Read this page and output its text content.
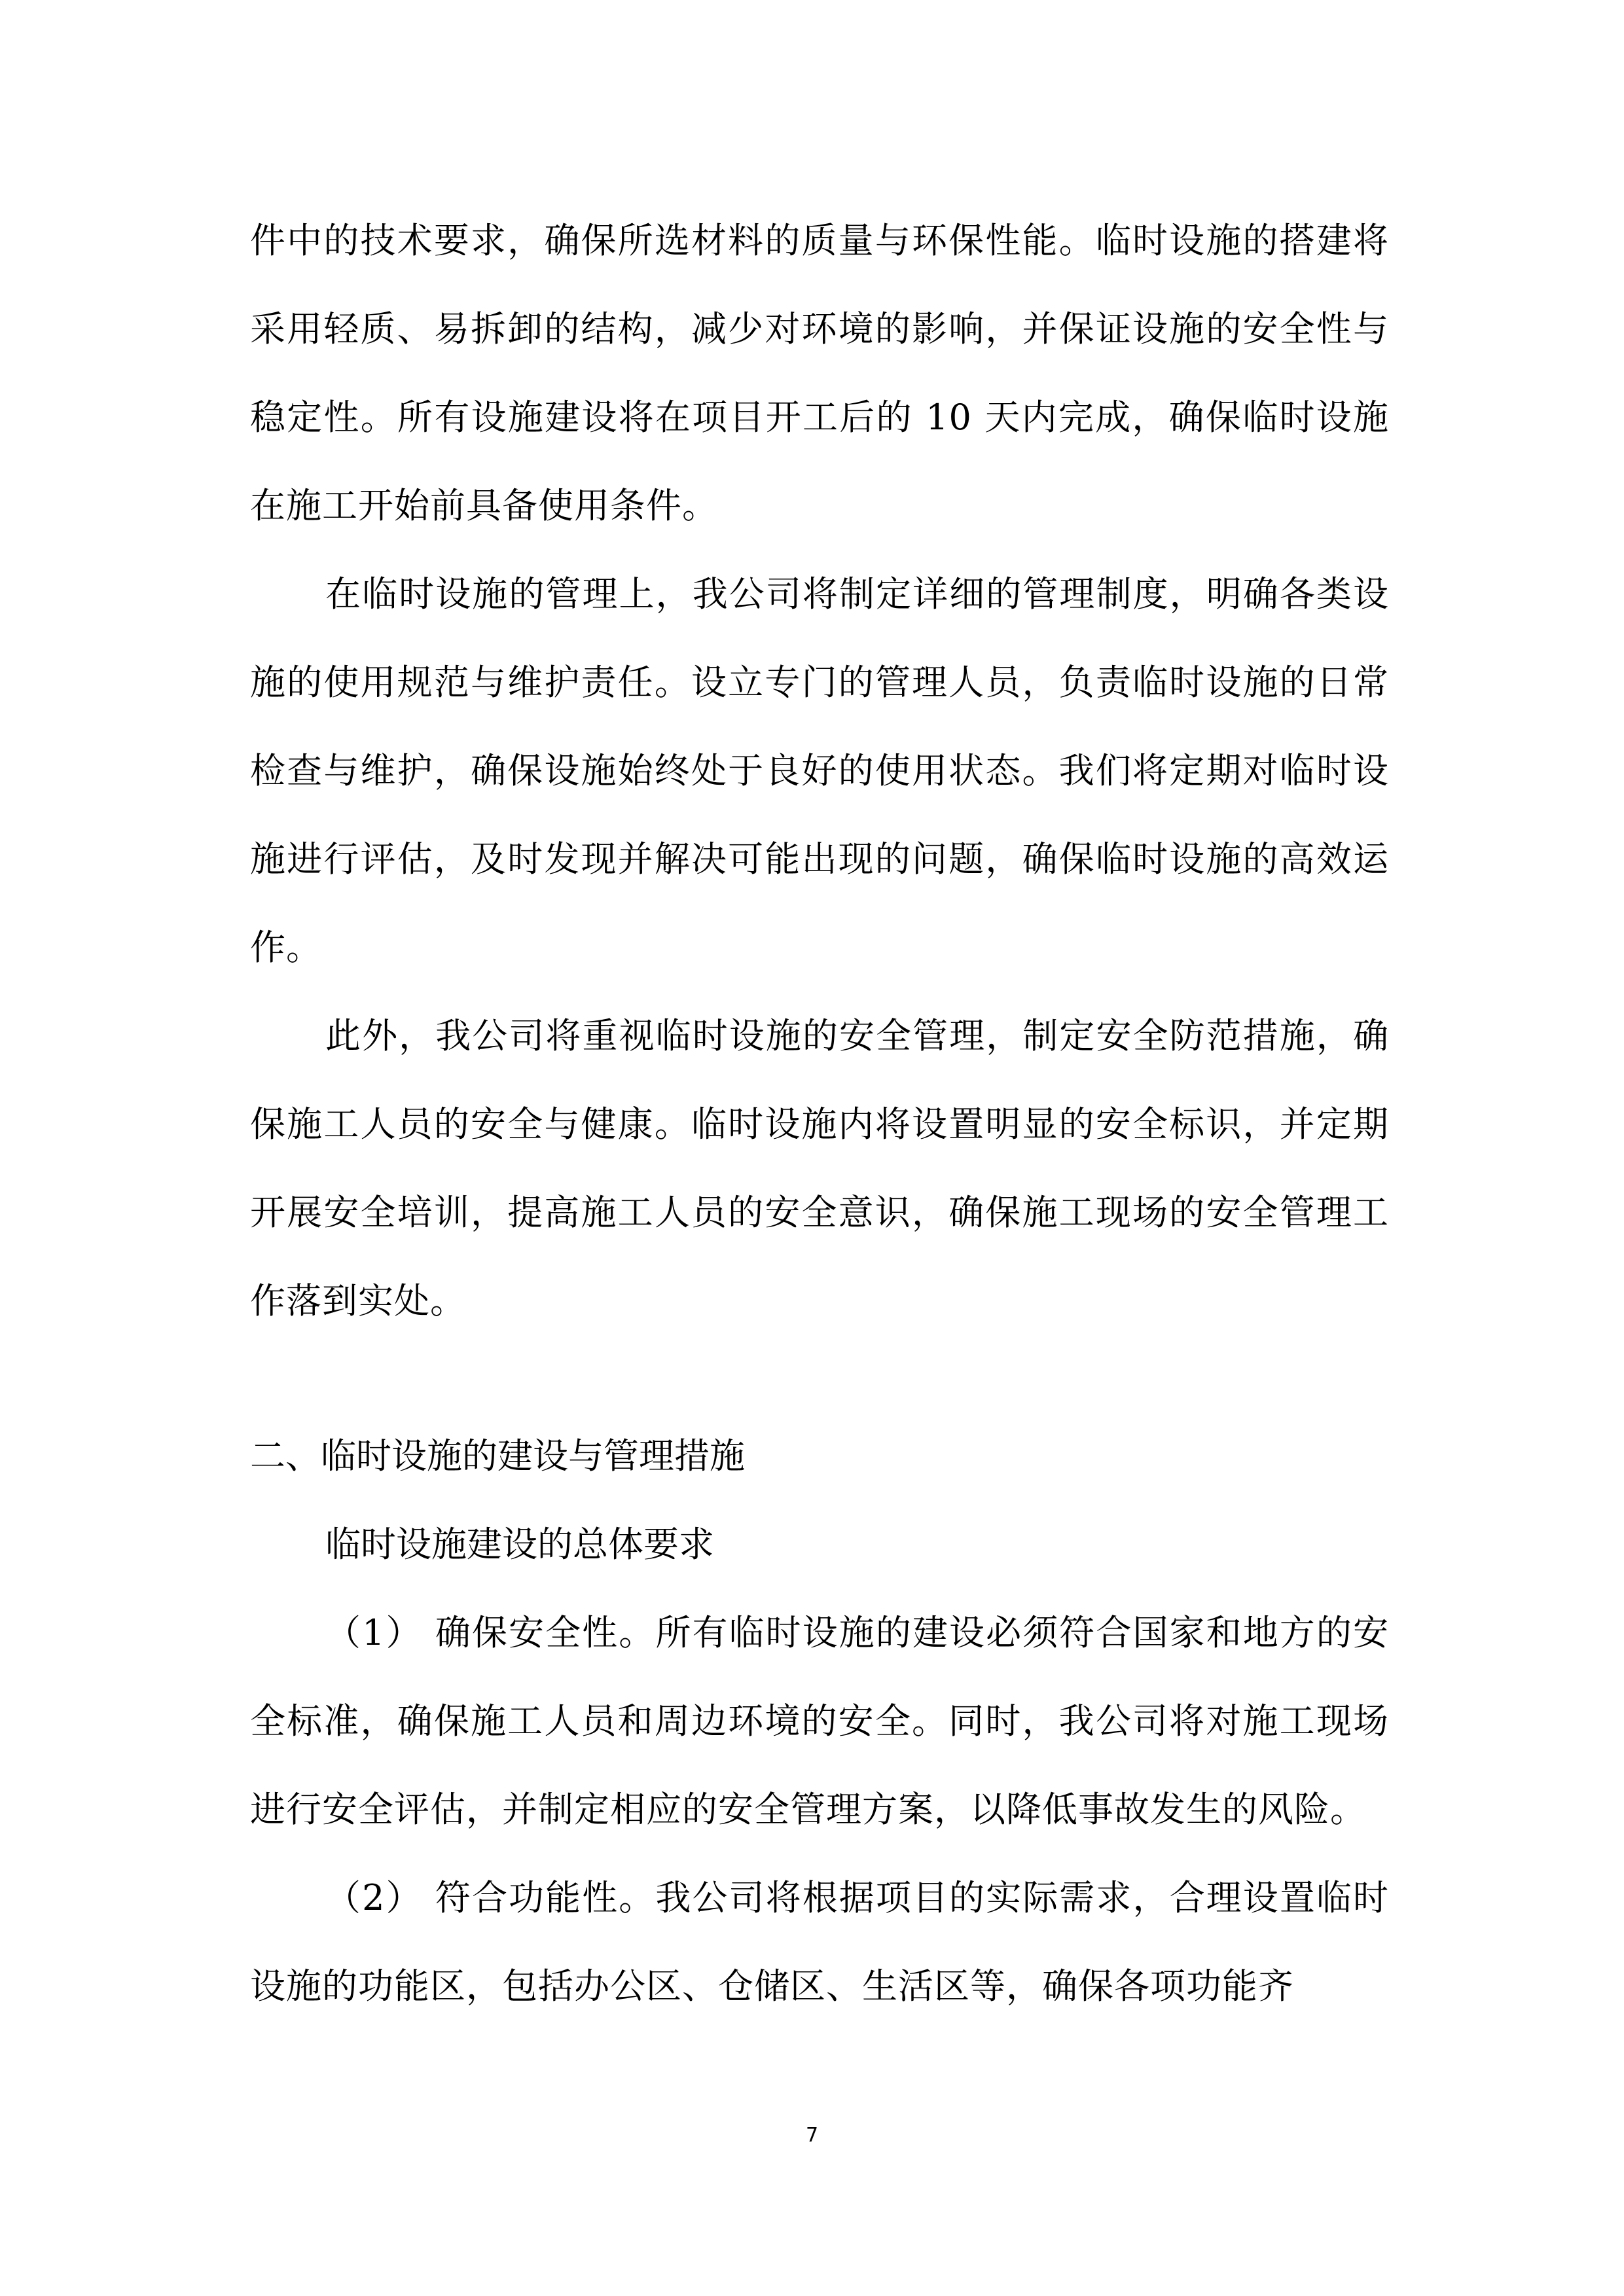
件中的技术要求，确保所选材料的质量与环保性能。临时设施的搭建将采用轻质、易拆卸的结构，减少对环境的影响，并保证设施的安全性与稳定性。所有设施建设将在项目开工后的 10 天内完成，确保临时设施在施工开始前具备使用条件。

在临时设施的管理上，我公司将制定详细的管理制度，明确各类设施的使用规范与维护责任。设立专门的管理人员，负责临时设施的日常检查与维护，确保设施始终处于良好的使用状态。我们将定期对临时设施进行评估，及时发现并解决可能出现的问题，确保临时设施的高效运作。

此外，我公司将重视临时设施的安全管理，制定安全防范措施，确保施工人员的安全与健康。临时设施内将设置明显的安全标识，并定期开展安全培训，提高施工人员的安全意识，确保施工现场的安全管理工作落到实处。

二、临时设施的建设与管理措施

临时设施建设的总体要求

（1） 确保安全性。所有临时设施的建设必须符合国家和地方的安全标准，确保施工人员和周边环境的安全。同时，我公司将对施工现场进行安全评估，并制定相应的安全管理方案，以降低事故发生的风险。

（2） 符合功能性。我公司将根据项目的实际需求，合理设置临时设施的功能区，包括办公区、仓储区、生活区等，确保各项功能齐

7
